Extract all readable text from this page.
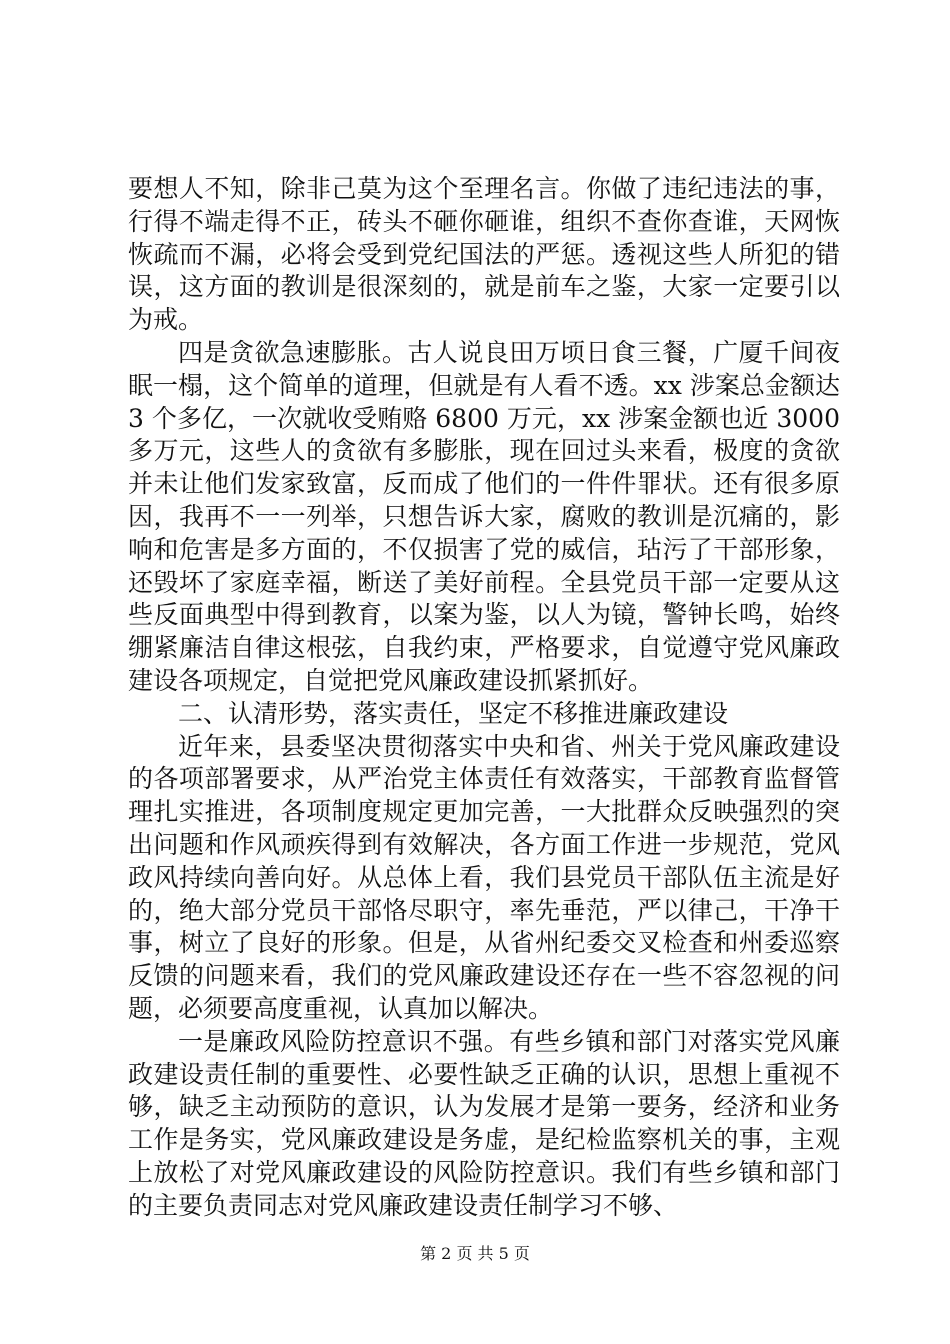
要想人不知，除非己莫为这个至理名言。你做了违纪违法的事，行得不端走得不正，砖头不砸你砸谁，组织不查你查谁，天网恢恢疏而不漏，必将会受到党纪国法的严惩。透视这些人所犯的错误，这方面的教训是很深刻的，就是前车之鉴，大家一定要引以为戒。

四是贪欲急速膨胀。古人说良田万顷日食三餐，广厦千间夜眠一榻，这个简单的道理，但就是有人看不透。xx 涉案总金额达 3 个多亿，一次就收受贿赂 6800 万元，xx 涉案金额也近 3000 多万元，这些人的贪欲有多膨胀，现在回过头来看，极度的贪欲并未让他们发家致富，反而成了他们的一件件罪状。还有很多原因，我再不一一列举，只想告诉大家，腐败的教训是沉痛的，影响和危害是多方面的，不仅损害了党的威信，玷污了干部形象，还毁坏了家庭幸福，断送了美好前程。全县党员干部一定要从这些反面典型中得到教育，以案为鉴，以人为镜，警钟长鸣，始终绷紧廉洁自律这根弦，自我约束，严格要求，自觉遵守党风廉政建设各项规定，自觉把党风廉政建设抓紧抓好。

二、认清形势，落实责任，坚定不移推进廉政建设

近年来，县委坚决贯彻落实中央和省、州关于党风廉政建设的各项部署要求，从严治党主体责任有效落实，干部教育监督管理扎实推进，各项制度规定更加完善，一大批群众反映强烈的突出问题和作风顽疾得到有效解决，各方面工作进一步规范，党风政风持续向善向好。从总体上看，我们县党员干部队伍主流是好的，绝大部分党员干部恪尽职守，率先垂范，严以律己，干净干事，树立了良好的形象。但是，从省州纪委交叉检查和州委巡察反馈的问题来看，我们的党风廉政建设还存在一些不容忽视的问题，必须要高度重视，认真加以解决。

一是廉政风险防控意识不强。有些乡镇和部门对落实党风廉政建设责任制的重要性、必要性缺乏正确的认识，思想上重视不够，缺乏主动预防的意识，认为发展才是第一要务，经济和业务工作是务实，党风廉政建设是务虚，是纪检监察机关的事，主观上放松了对党风廉政建设的风险防控意识。我们有些乡镇和部门的主要负责同志对党风廉政建设责任制学习不够、

第 2 页 共 5 页
